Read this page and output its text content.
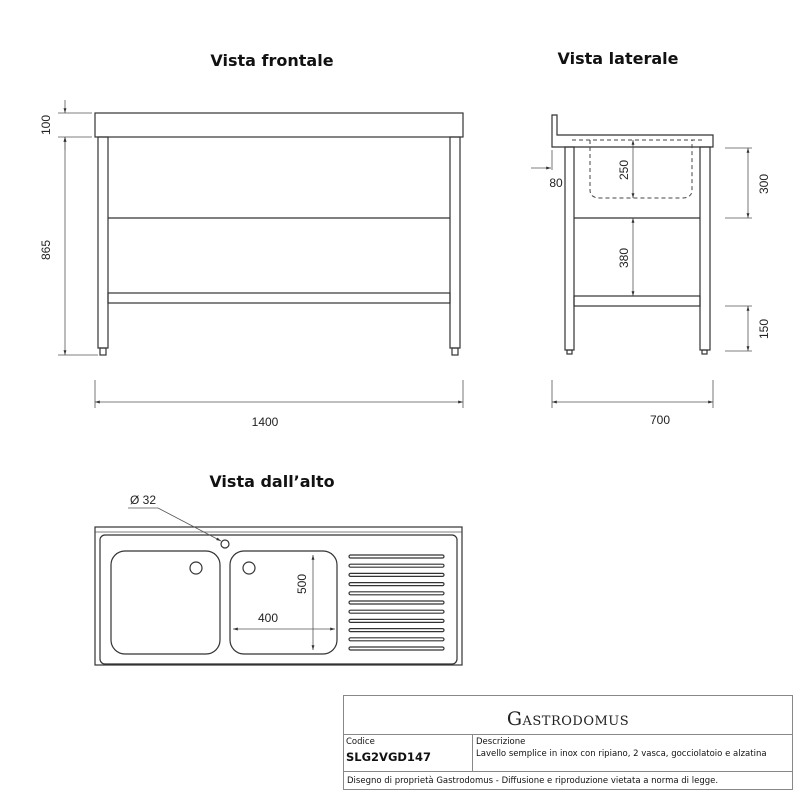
Vista frontale	Vista laterale
Vista dall’alto
100
865
1400
250
380
300
150
80
700
Ø 32
500
400
Gastrodomus
Codice
SLG2VGD147
Descrizione
Lavello semplice in inox con ripiano, 2 vasca, gocciolatoio e alzatina
Disegno di proprietà Gastrodomus - Diffusione e riproduzione vietata a norma di legge.
